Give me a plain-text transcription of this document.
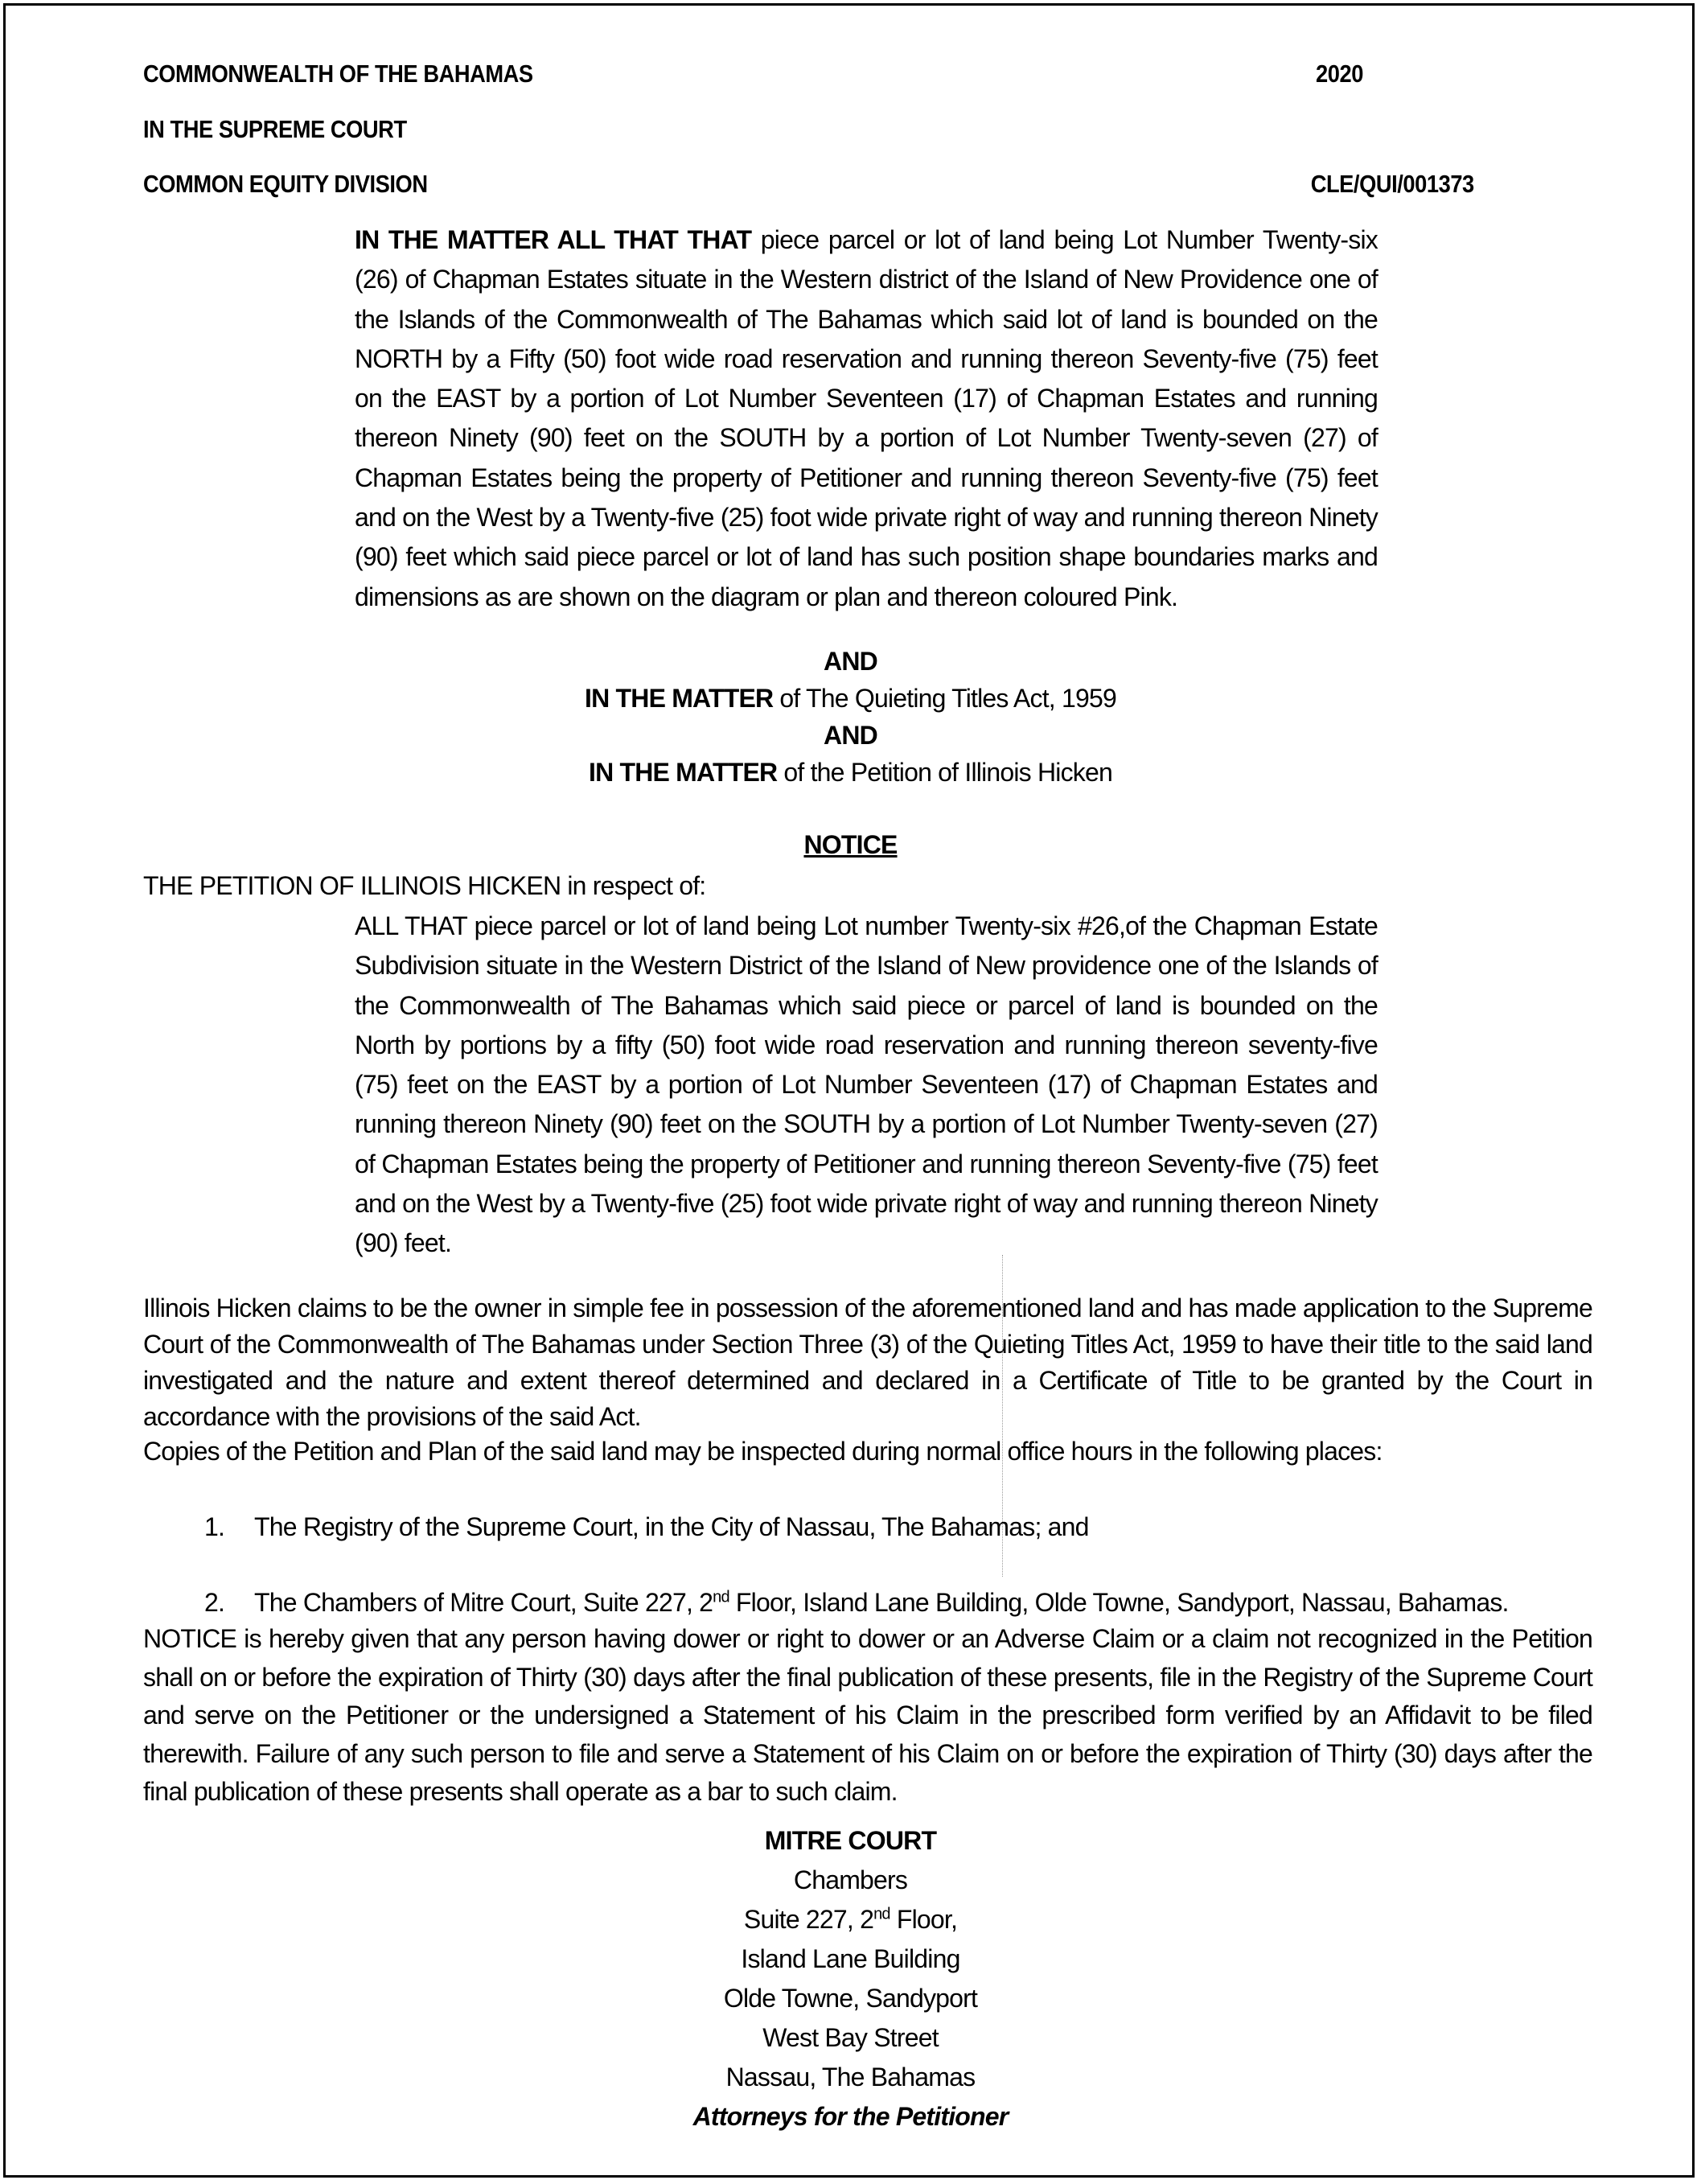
COMMONWEALTH OF THE BAHAMAS	2020
IN THE SUPREME COURT
COMMON EQUITY DIVISION	CLE/QUI/001373

IN THE MATTER ALL THAT THAT piece parcel or lot of land being Lot Number Twenty-six (26) of Chapman Estates situate in the Western district of the Island of New Providence one of the Islands of the Commonwealth of The Bahamas which said lot of land is bounded on the NORTH by a Fifty (50) foot wide road reservation and running thereon Seventy-five (75) feet on the EAST by a portion of Lot Number Seventeen (17) of Chapman Estates and running thereon Ninety (90) feet on the SOUTH by a portion of Lot Number Twenty-seven (27) of Chapman Estates being the property of Petitioner and running thereon Seventy-five (75) feet and on the West by a Twenty-five (25) foot wide private right of way and running thereon Ninety (90) feet which said piece parcel or lot of land has such position shape boundaries marks and dimensions as are shown on the diagram or plan and thereon coloured Pink.

AND
IN THE MATTER of The Quieting Titles Act, 1959
AND
IN THE MATTER of the Petition of Illinois Hicken
NOTICE
THE PETITION OF ILLINOIS HICKEN in respect of:

ALL THAT piece parcel or lot of land being Lot number Twenty-six #26,of the Chapman Estate Subdivision situate in the Western District of the Island of New providence one of the Islands of the Commonwealth of The Bahamas which said piece or parcel of land is bounded on the North by portions by a fifty (50) foot wide road reservation and running thereon seventy-five (75) feet on the EAST by a portion of Lot Number Seventeen (17) of Chapman Estates and running thereon Ninety (90) feet on the SOUTH by a portion of Lot Number Twenty-seven (27) of Chapman Estates being the property of Petitioner and running thereon Seventy-five (75) feet and on the West by a Twenty-five (25) foot wide private right of way and running thereon Ninety (90) feet.

Illinois Hicken claims to be the owner in simple fee in possession of the aforementioned land and has made application to the Supreme Court of the Commonwealth of The Bahamas under Section Three (3) of the Quieting Titles Act, 1959 to have their title to the said land investigated and the nature and extent thereof determined and declared in a Certificate of Title to be granted by the Court in accordance with the provisions of the said Act.

Copies of the Petition and Plan of the said land may be inspected during normal office hours in the following places:
1. The Registry of the Supreme Court, in the City of Nassau, The Bahamas; and
2. The Chambers of Mitre Court, Suite 227, 2nd Floor, Island Lane Building, Olde Towne, Sandyport, Nassau, Bahamas.

NOTICE is hereby given that any person having dower or right to dower or an Adverse Claim or a claim not recognized in the Petition shall on or before the expiration of Thirty (30) days after the final publication of these presents, file in the Registry of the Supreme Court and serve on the Petitioner or the undersigned a Statement of his Claim in the prescribed form verified by an Affidavit to be filed therewith. Failure of any such person to file and serve a Statement of his Claim on or before the expiration of Thirty (30) days after the final publication of these presents shall operate as a bar to such claim.

MITRE COURT
Chambers
Suite 227, 2nd Floor,
Island Lane Building
Olde Towne, Sandyport
West Bay Street
Nassau, The Bahamas
Attorneys for the Petitioner
